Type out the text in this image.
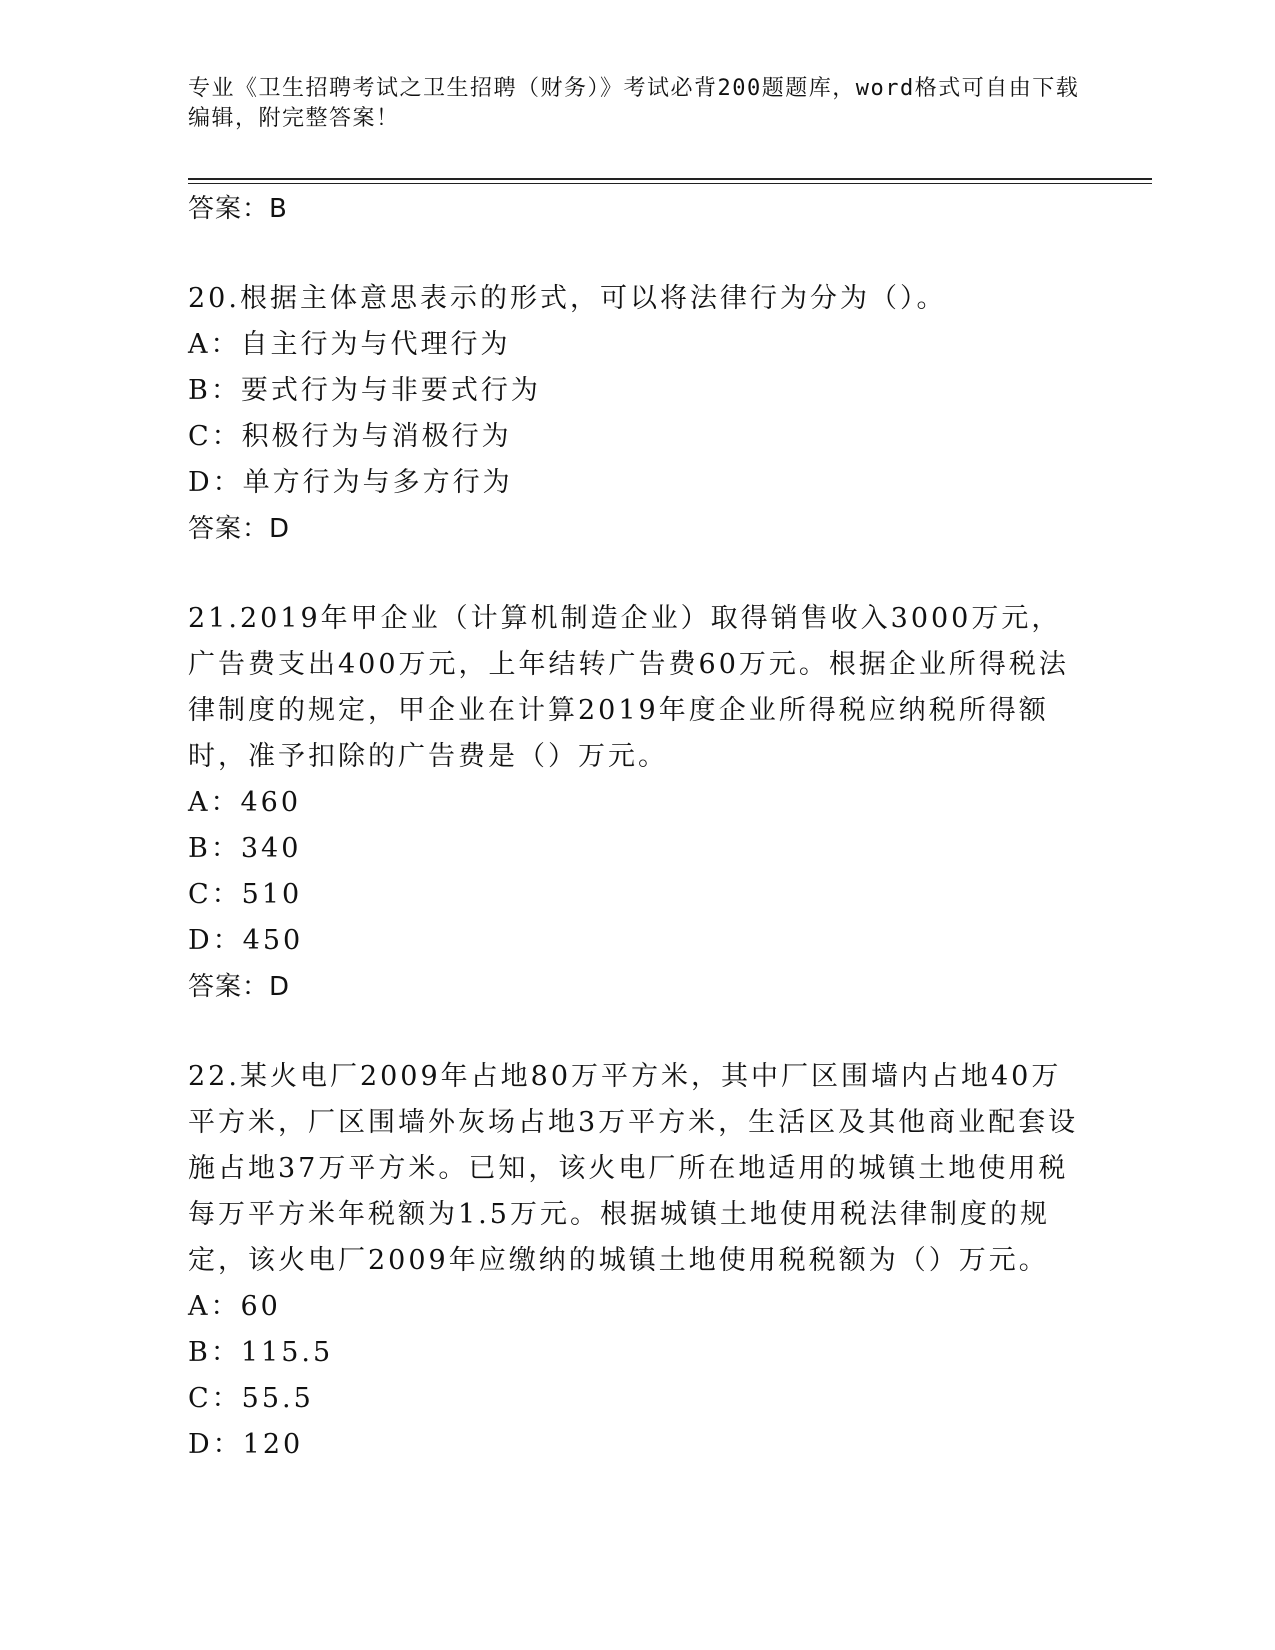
专业《卫生招聘考试之卫生招聘（财务）》考试必背200题题库，word格式可自由下载编辑，附完整答案！

答案：B

20.根据主体意思表示的形式，可以将法律行为分为（）。

A：自主行为与代理行为

B：要式行为与非要式行为

C：积极行为与消极行为

D：单方行为与多方行为

答案：D

21.2019年甲企业（计算机制造企业）取得销售收入3000万元，广告费支出400万元，上年结转广告费60万元。根据企业所得税法律制度的规定，甲企业在计算2019年度企业所得税应纳税所得额时，准予扣除的广告费是（）万元。

A：460

B：340

C：510

D：450

答案：D

22.某火电厂2009年占地80万平方米，其中厂区围墙内占地40万平方米，厂区围墙外灰场占地3万平方米，生活区及其他商业配套设施占地37万平方米。已知，该火电厂所在地适用的城镇土地使用税每万平方米年税额为1.5万元。根据城镇土地使用税法律制度的规定，该火电厂2009年应缴纳的城镇土地使用税税额为（）万元。

A：60

B：115.5

C：55.5

D：120
